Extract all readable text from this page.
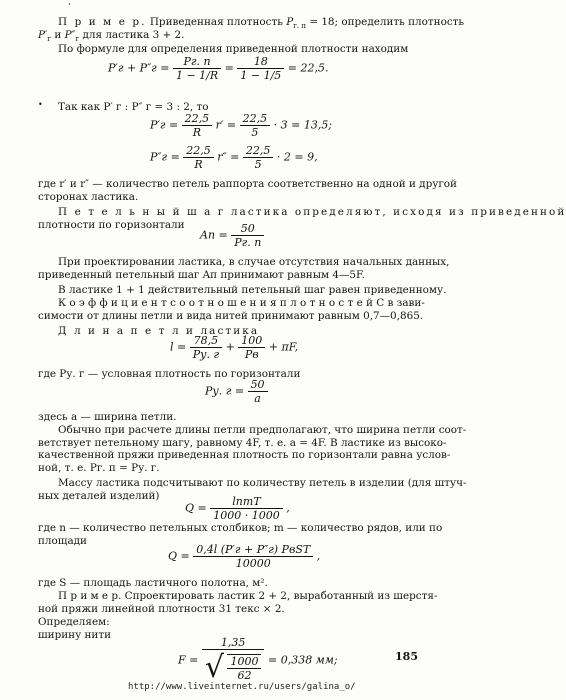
ʻ
•
П р и м е р. Приведенная плотность $P_{г. п} = 18$; определить плотность
$P'_г$ и $P''_г$ для ластика 3 + 2.
По формуле для определения приведенной плотности находим
$P'г + P''г = \frac{Pг. п}{1 - 1/R} = \frac{18}{1 - 1/5} = 22,5$.
Так как P′ г : P″ г = 3 : 2, то
$P'г = \frac{22,5}{R} r' = \frac{22,5}{5} \cdot 3 = 13,5$;
$P''г = \frac{22,5}{R} r'' = \frac{22,5}{5} \cdot 2 = 9$,
где r′ и r″ — количество петель раппорта соответственно на одной и другой
сторонах ластика.
П е т е л ь н ы й ш а г ластика определяют, исходя из приведенной
плотности по горизонтали
Aп = $\frac{50}{Pг. п}$
При проектировании ластика, в случае отсутствия начальных данных,
приведенный петельный шаг Aп принимают равным 4—5F.
В ластике 1 + 1 действительный петельный шаг равен приведенному.
К о э ф ф и ц и е н т с о о т н о ш е н и я п л о т н о с т е й C в зави-
симости от длины петли и вида нитей принимают равным 0,7—0,865.
Д л и н а п е т л и ластика
$l = \frac{78,5}{Pу. г} + \frac{100}{Pв} + \pi F$,
где Pу. г — условная плотность по горизонтали
Pу. $г = \frac{50}{a}$
здесь a — ширина петли.
Обычно при расчете длины петли предполагают, что ширина петли соот-
ветствует петельному шагу, равному 4F, т. е. a = 4F. В ластике из высоко-
качественной пряжи приведенная плотность по горизонтали равна услов-
ной, т. е. Pг. п = Pу. г.
Массу ластика подсчитывают по количеству петель в изделии (для штуч-
ных деталей изделий)
$Q = \frac{\text{lnmT}}{1000 \cdot 1000}$ ,
где n — количество петельных столбиков; m — количество рядов, или по
площади
$Q = \frac{\text{0,4l (P′г + P″г) PвST}}{10000}$ ,
где S — площадь ластичного полотна, м².
П р и м е р. Спроектировать ластик 2 + 2, выработанный из шерстя-
ной пряжи линейной плотности 31 текс × 2.
Определяем:
ширину нити
F =
1,35
√ $\frac{1000}{62} = 0,338$ мм;	185
http://www.liveinternet.ru/users/galina_o/
